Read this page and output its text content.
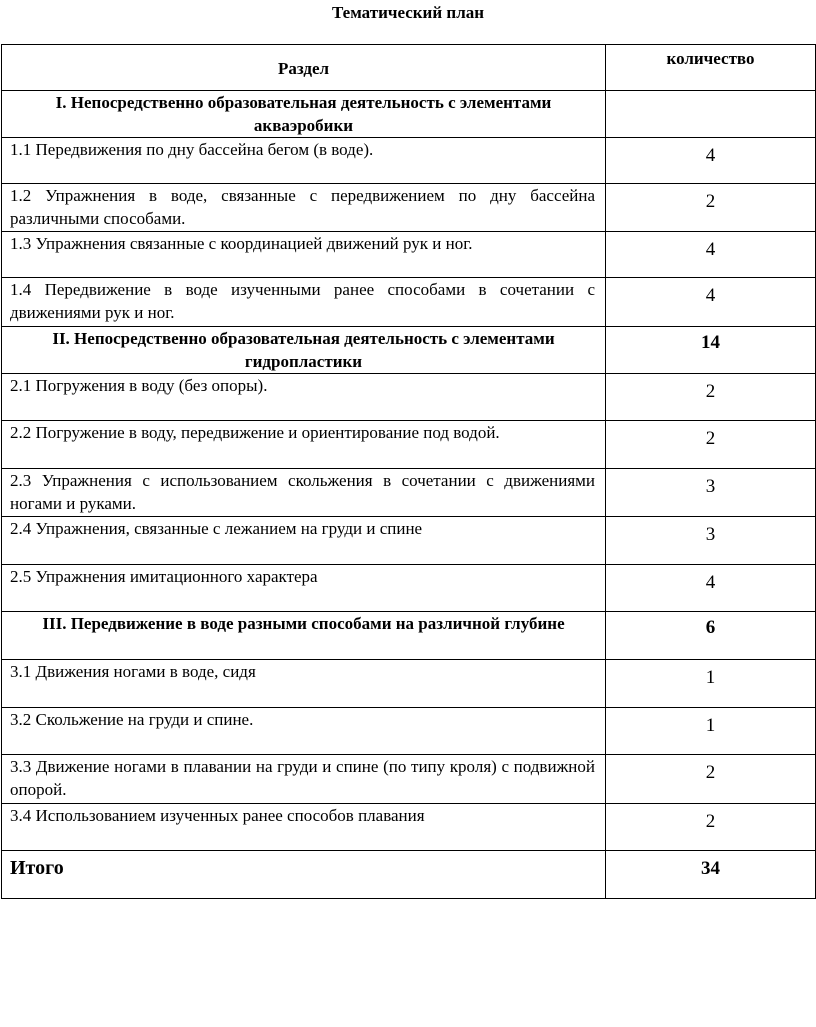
Тематический план
Раздел	количество
I. Непосредственно образовательная деятельность с элементами акваэробики	
1.1 Передвижения по дну бассейна бегом (в воде).	4
1.2 Упражнения в воде, связанные с передвижением по дну бассейна различными способами.	2
1.3 Упражнения связанные с координацией движений рук и ног.	4
1.4 Передвижение в воде изученными ранее способами в сочетании с движениями рук и ног.	4
II. Непосредственно образовательная деятельность с элементами гидропластики	14
2.1 Погружения в воду (без опоры).	2
2.2 Погружение в воду, передвижение и ориентирование под водой.	2
2.3 Упражнения с использованием скольжения в сочетании с движениями ногами и руками.	3
2.4 Упражнения, связанные с лежанием на груди и спине	3
2.5 Упражнения имитационного характера	4
III. Передвижение в воде разными способами на различной глубине	6
3.1 Движения ногами в воде, сидя	1
3.2 Скольжение на груди и спине.	1
3.3 Движение ногами в плавании на груди и спине (по типу кроля) с подвижной опорой.	2
3.4 Использованием изученных ранее способов плавания	2
Итого	34
